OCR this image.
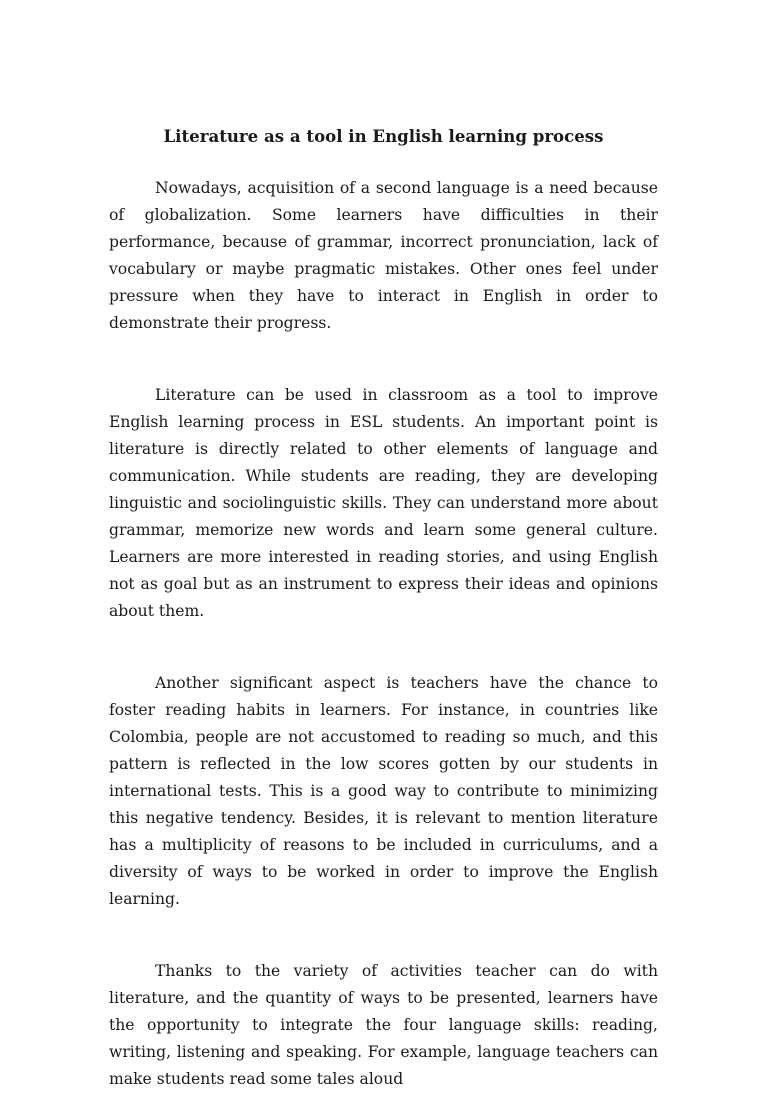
Literature as a tool in English learning process

Nowadays, acquisition of a second language is a need because of globalization. Some learners have difficulties in their performance, because of grammar, incorrect pronunciation, lack of vocabulary or maybe pragmatic mistakes. Other ones feel under pressure when they have to interact in English in order to demonstrate their progress.

Literature can be used in classroom as a tool to improve English learning process in ESL students. An important point is literature is directly related to other elements of language and communication. While students are reading, they are developing linguistic and sociolinguistic skills. They can understand more about grammar, memorize new words and learn some general culture. Learners are more interested in reading stories, and using English not as goal but as an instrument to express their ideas and opinions about them.

Another significant aspect is teachers have the chance to foster reading habits in learners. For instance, in countries like Colombia, people are not accustomed to reading so much, and this pattern is reflected in the low scores gotten by our students in international tests. This is a good way to contribute to minimizing this negative tendency. Besides, it is relevant to mention literature has a multiplicity of reasons to be included in curriculums, and a diversity of ways to be worked in order to improve the English learning.

Thanks to the variety of activities teacher can do with literature, and the quantity of ways to be presented, learners have the opportunity to integrate the four language skills: reading, writing, listening and speaking. For example, language teachers can make students read some tales aloud
